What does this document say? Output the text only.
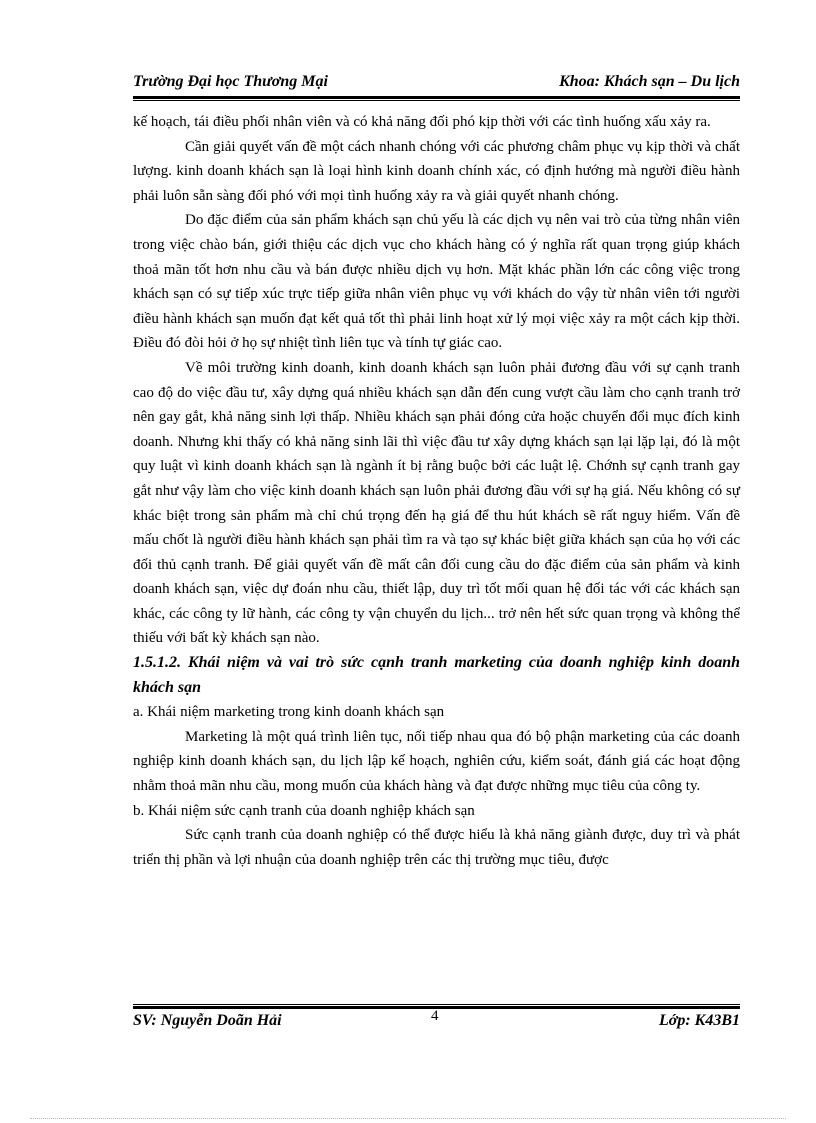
Trường Đại học Thương Mại	Khoa: Khách sạn – Du lịch

kế hoạch, tái điều phối nhân viên và có khả năng đối phó kịp thời với các tình huống xấu xảy ra.

Cần giải quyết vấn đề một cách nhanh chóng với các phương châm phục vụ kịp thời và chất lượng. kinh doanh khách sạn là loại hình kinh doanh chính xác, có định hướng mà người điều hành phải luôn sẵn sàng đối phó với mọi tình huống xảy ra và giải quyết nhanh chóng.

Do đặc điểm của sản phẩm khách sạn chủ yếu là các dịch vụ nên vai trò của từng nhân viên trong việc chào bán, giới thiệu các dịch vục cho khách hàng có ý nghĩa rất quan trọng giúp khách thoả mãn tốt hơn nhu cầu và bán được nhiều dịch vụ hơn. Mặt khác phần lớn các công việc trong khách sạn có sự tiếp xúc trực tiếp giữa nhân viên phục vụ với khách do vậy từ nhân viên tới người điều hành khách sạn muốn đạt kết quả tốt thì phải linh hoạt xử lý mọi việc xảy ra một cách kịp thời. Điều đó đòi hỏi ở họ sự nhiệt tình liên tục và tính tự giác cao.

Về môi trường kinh doanh, kinh doanh khách sạn luôn phải đương đầu với sự cạnh tranh cao độ do việc đầu tư, xây dựng quá nhiều khách sạn dẫn đến cung vượt cầu làm cho cạnh tranh trở nên gay gắt, khả năng sinh lợi thấp. Nhiều khách sạn phải đóng cửa hoặc chuyển đổi mục đích kinh doanh. Nhưng khi thấy có khả năng sinh lãi thì việc đầu tư xây dựng khách sạn lại lặp lại, đó là một quy luật vì kinh doanh khách sạn là ngành ít bị rằng buộc bởi các luật lệ. Chớnh sự cạnh tranh gay gắt như vậy làm cho việc kinh doanh khách sạn luôn phải đương đầu với sự hạ giá. Nếu không có sự khác biệt trong sản phẩm mà chỉ chú trọng đến hạ giá để thu hút khách sẽ rất nguy hiểm. Vấn đề mấu chốt là người điều hành khách sạn phải tìm ra và tạo sự khác biệt giữa khách sạn của họ với các đối thủ cạnh tranh. Để giải quyết vấn đề mất cân đối cung cầu do đặc điểm của sản phẩm và kinh doanh khách sạn, việc dự đoán nhu cầu, thiết lập, duy trì tốt mối quan hệ đối tác với các khách sạn khác, các công ty lữ hành, các công ty vận chuyển du lịch... trở nên hết sức quan trọng và không thể thiếu với bất kỳ khách sạn nào.

1.5.1.2. Khái niệm và vai trò sức cạnh tranh marketing của doanh nghiệp kinh doanh khách sạn

a. Khái niệm marketing trong kinh doanh khách sạn

Marketing là một quá trình liên tục, nối tiếp nhau qua đó bộ phận marketing của các doanh nghiệp kinh doanh khách sạn, du lịch lập kế hoạch, nghiên cứu, kiểm soát, đánh giá các hoạt động nhằm thoả mãn nhu cầu, mong muốn của khách hàng và đạt được những mục tiêu của công ty.

b. Khái niệm sức cạnh tranh của doanh nghiệp khách sạn

Sức cạnh tranh của doanh nghiệp có thể được hiểu là khả năng giành được, duy trì và phát triển thị phần và lợi nhuận của doanh nghiệp trên các thị trường mục tiêu, được

SV: Nguyễn Doãn Hải	4	Lớp: K43B1
